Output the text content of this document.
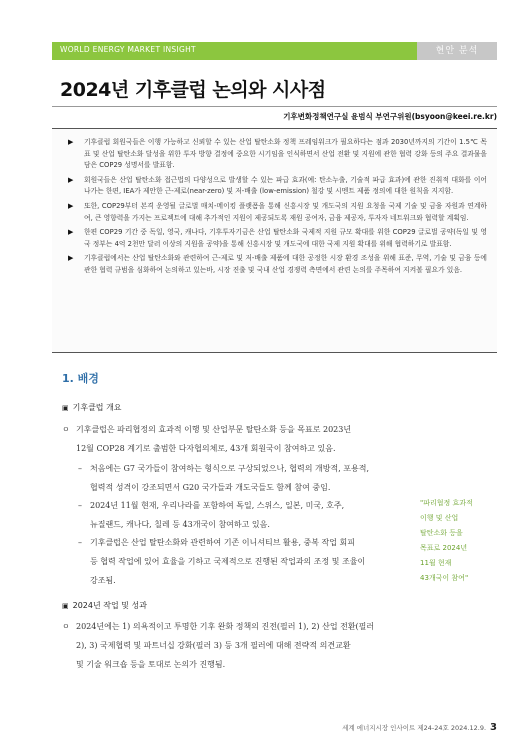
WORLD ENERGY MARKET INSIGHT	현안 분석
2024년 기후클럽 논의와 시사점
기후변화정책연구실 윤범식 부연구위원(bsyoon@keei.re.kr)
▶ 기후클럽 회원국들은 이행 가능하고 신뢰할 수 있는 산업 탈탄소화 정책 프레임워크가 필요하다는 점과 2030년까지의 기간이 1.5℃ 목표 및 산업 탈탄소화 달성을 위한 투자 방향 결정에 중요한 시기임을 인식하면서 산업 전환 및 지원에 관한 협력 강화 등의 주요 결과물을 담은 COP29 성명서를 발표함.
▶ 회원국들은 산업 탈탄소화 접근법의 다양성으로 발생할 수 있는 파급 효과(예: 탄소누출, 기술적 파급 효과)에 관한 진취적 대화를 이어 나가는 한편, IEA가 제안한 근-제로(near-zero) 및 저-배출 (low-emission) 철강 및 시멘트 제품 정의에 대한 원칙을 지지함.
▶ 또한, COP29부터 본격 운영될 글로벌 매치-메이킹 플랫폼을 통해 신흥시장 및 개도국의 지원 요청을 국제 기술 및 금융 자원과 연계하여, 큰 영향력을 가지는 프로젝트에 대해 추가적인 지원이 제공되도록 재원 공여자, 금융 제공자, 투자자 네트워크와 협력할 계획임.
▶ 한편 COP29 기간 중 독일, 영국, 캐나다, 기후투자기금은 산업 탈탄소화 국제적 지원 규모 확대를 위한 COP29 글로벌 공약(독일 및 영국 정부는 4억 2천만 달러 이상의 지원을 공약)을 통해 신흥시장 및 개도국에 대한 국제 지원 확대를 위해 협력하기로 발표함.
▶ 기후클럽에서는 산업 탈탄소화와 관련하여 근-제로 및 저-배출 제품에 대한 공정한 시장 환경 조성을 위해 표준, 무역, 기술 및 금융 등에 관한 협력 규범을 심화하여 논의하고 있는바, 시장 진출 및 국내 산업 경쟁력 측면에서 관련 논의를 주목하여 지켜볼 필요가 있음.
1. 배경
▣ 기후클럽 개요
ㅇ 기후클럽은 파리협정의 효과적 이행 및 산업부문 탈탄소화 등을 목표로 2023년
12월 COP28 계기로 출범한 다자협의체로, 43개 회원국이 참여하고 있음.
– 처음에는 G7 국가들이 참여하는 형식으로 구상되었으나, 협력의 개방적, 포용적,
협력적 성격이 강조되면서 G20 국가들과 개도국들도 함께 참여 중임.
– 2024년 11월 현재, 우리나라를 포함하여 독일, 스위스, 일본, 미국, 호주,
뉴질랜드, 캐나다, 칠레 등 43개국이 참여하고 있음.
– 기후클럽은 산업 탈탄소화와 관련하여 기존 이니셔티브 활용, 중복 작업 회피
등 협력 작업에 있어 효율을 기하고 국제적으로 진행된 작업과의 조정 및 조율이
강조됨.
"파리협정 효과적
이행 및 산업
탈탄소화 등을
목표로 2024년
11월 현재
43개국이 참여"
▣ 2024년 작업 및 성과
ㅇ 2024년에는 1) 의욕적이고 투명한 기후 완화 정책의 진전(필러 1), 2) 산업 전환(필러
2), 3) 국제협력 및 파트너십 강화(필러 3) 등 3개 필러에 대해 전략적 의견교환
및 기술 워크숍 등을 토대로 논의가 진행됨.
세계 에너지시장 인사이트 제24-24호 2024.12.9. 3
